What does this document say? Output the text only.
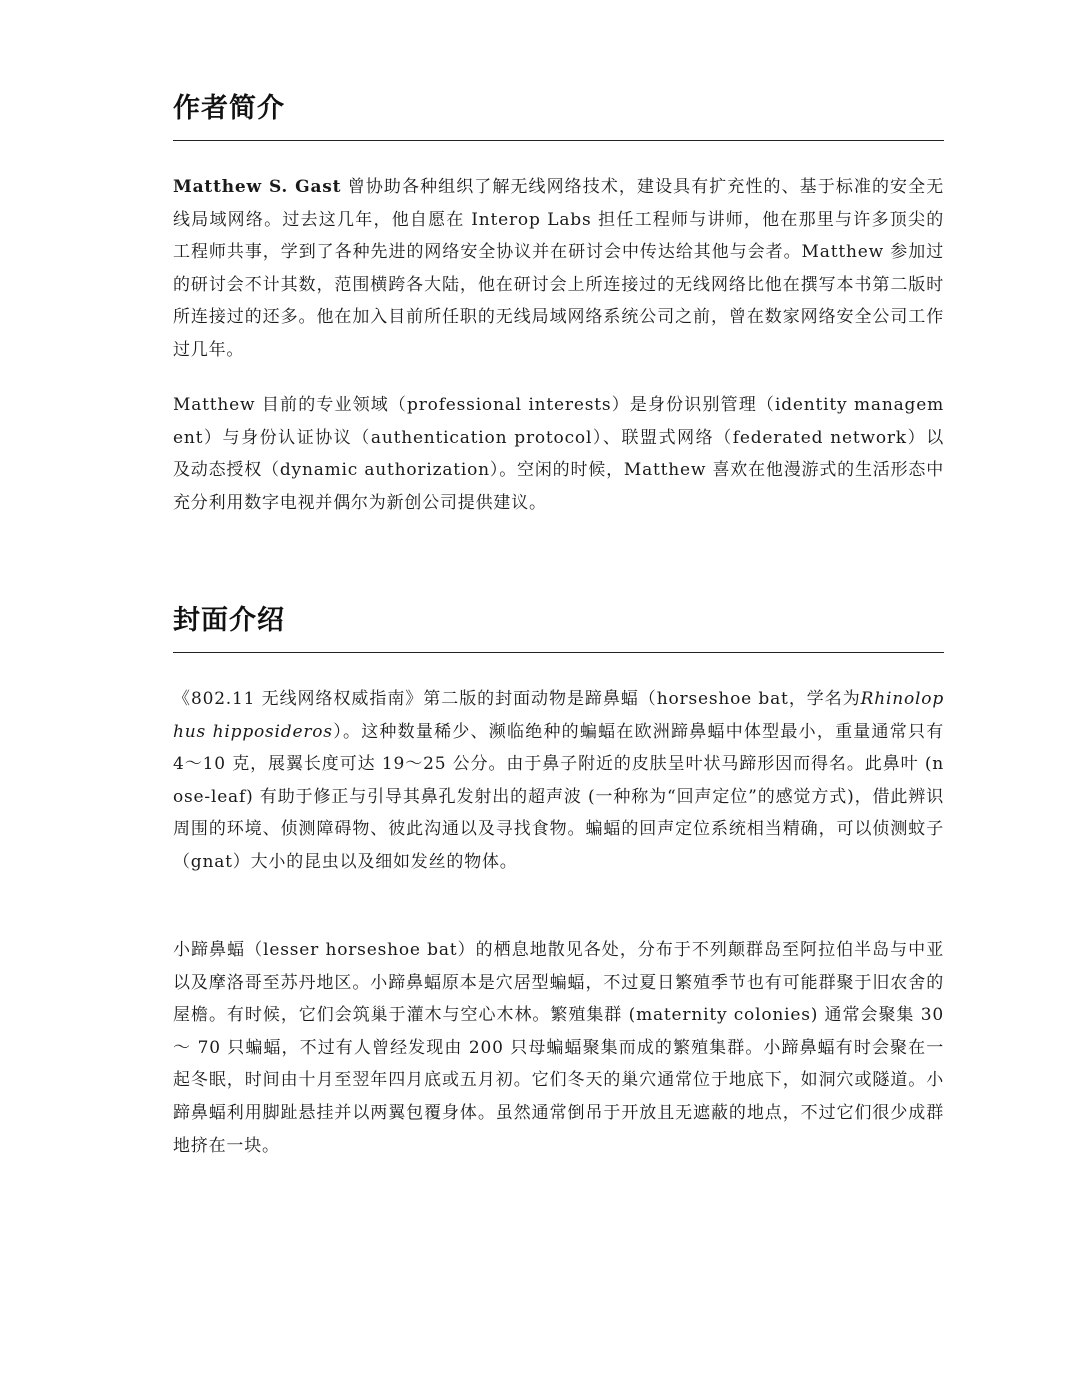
作者简介

Matthew S. Gast 曾协助各种组织了解无线网络技术，建设具有扩充性的、基于标准的安全无线局域网络。过去这几年，他自愿在 Interop Labs 担任工程师与讲师，他在那里与许多顶尖的工程师共事，学到了各种先进的网络安全协议并在研讨会中传达给其他与会者。Matthew 参加过的研讨会不计其数，范围横跨各大陆，他在研讨会上所连接过的无线网络比他在撰写本书第二版时所连接过的还多。他在加入目前所任职的无线局域网络系统公司之前，曾在数家网络安全公司工作过几年。

Matthew 目前的专业领域（professional interests）是身份识别管理（identity management）与身份认证协议（authentication protocol）、联盟式网络（federated network）以及动态授权（dynamic authorization）。空闲的时候，Matthew 喜欢在他漫游式的生活形态中充分利用数字电视并偶尔为新创公司提供建议。

封面介绍

《802.11 无线网络权威指南》第二版的封面动物是蹄鼻蝠（horseshoe bat，学名为Rhinolophus hipposideros）。这种数量稀少、濒临绝种的蝙蝠在欧洲蹄鼻蝠中体型最小，重量通常只有 4～10 克，展翼长度可达 19～25 公分。由于鼻子附近的皮肤呈叶状马蹄形因而得名。此鼻叶 (nose-leaf) 有助于修正与引导其鼻孔发射出的超声波 (一种称为“回声定位”的感觉方式)，借此辨识周围的环境、侦测障碍物、彼此沟通以及寻找食物。蝙蝠的回声定位系统相当精确，可以侦测蚊子（gnat）大小的昆虫以及细如发丝的物体。

小蹄鼻蝠（lesser horseshoe bat）的栖息地散见各处，分布于不列颠群岛至阿拉伯半岛与中亚以及摩洛哥至苏丹地区。小蹄鼻蝠原本是穴居型蝙蝠，不过夏日繁殖季节也有可能群聚于旧农舍的屋檐。有时候，它们会筑巢于灌木与空心木林。繁殖集群 (maternity colonies) 通常会聚集 30 ～ 70 只蝙蝠，不过有人曾经发现由 200 只母蝙蝠聚集而成的繁殖集群。小蹄鼻蝠有时会聚在一起冬眠，时间由十月至翌年四月底或五月初。它们冬天的巢穴通常位于地底下，如洞穴或隧道。小蹄鼻蝠利用脚趾悬挂并以两翼包覆身体。虽然通常倒吊于开放且无遮蔽的地点，不过它们很少成群地挤在一块。
